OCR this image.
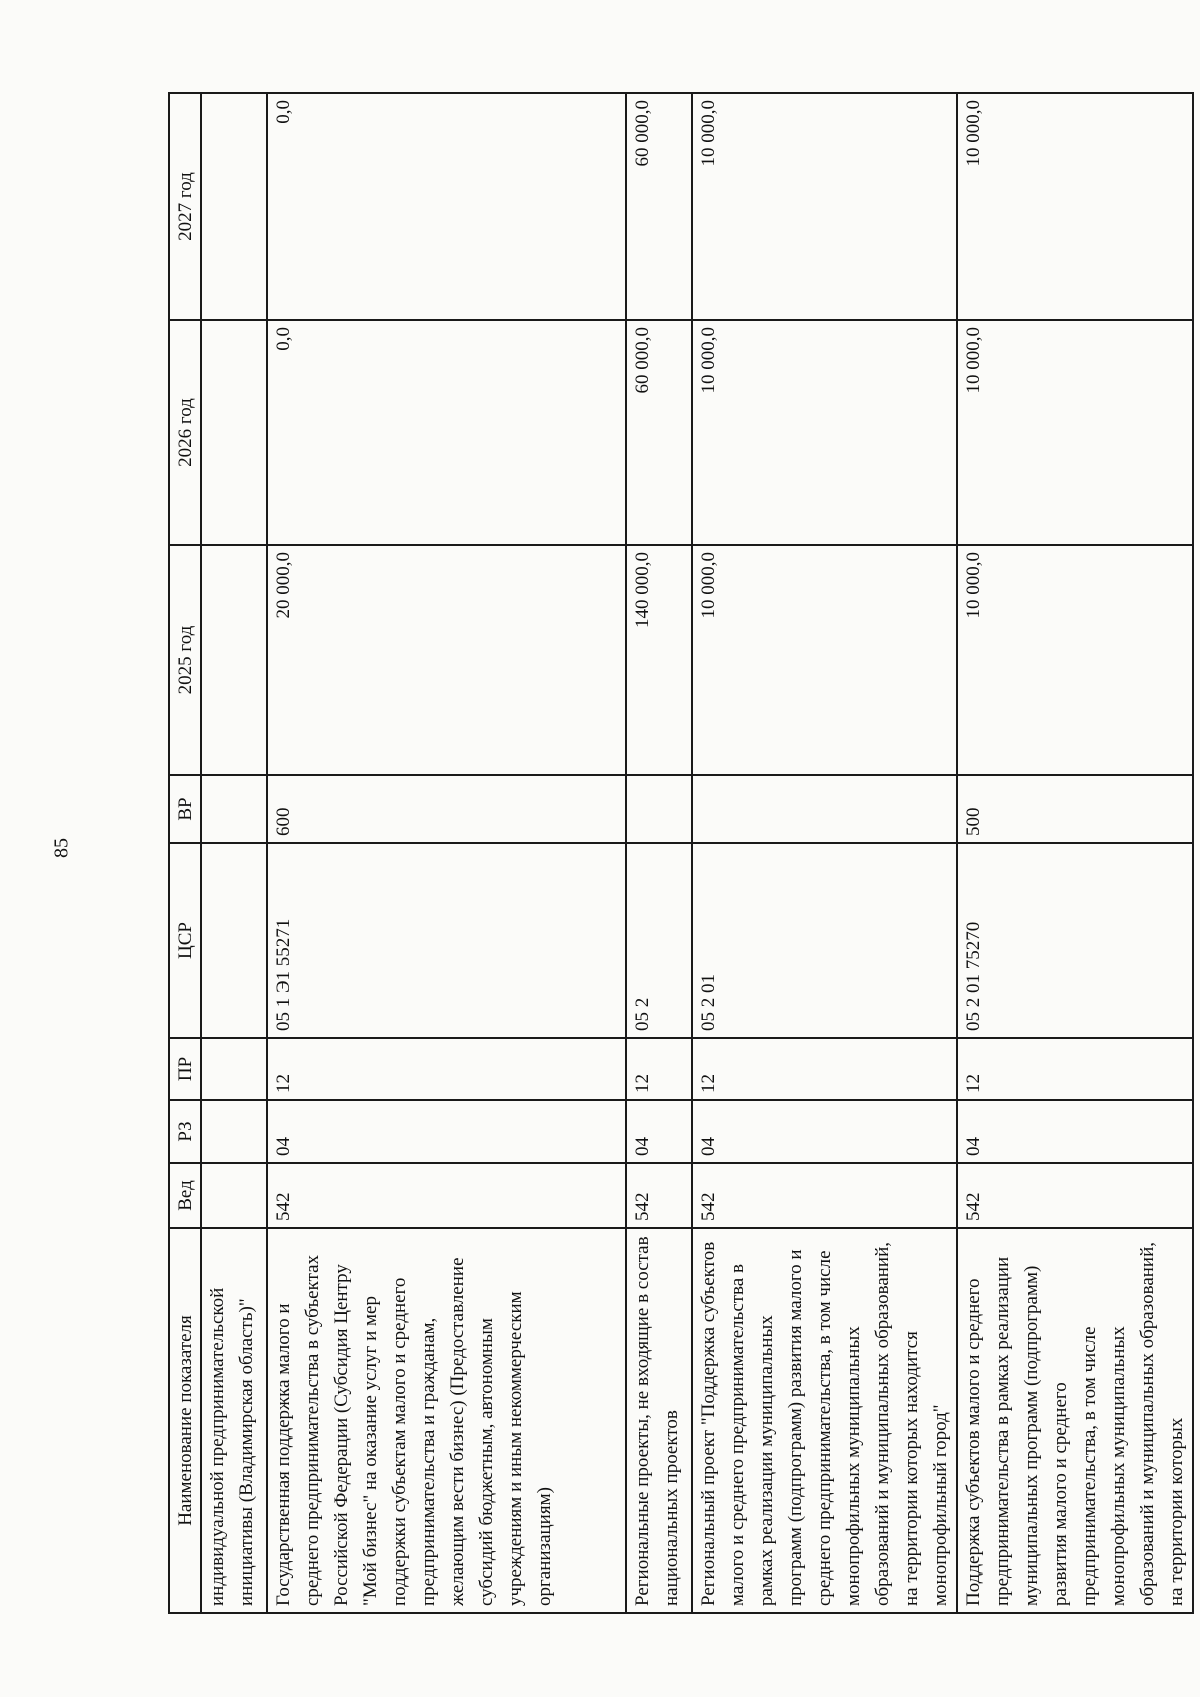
85
Наименование показателя	Вед	РЗ	ПР	ЦСР	ВР	2025 год	2026 год	2027 год
индивидуальной предпринимательской инициативы (Владимирская область)"								
Государственная поддержка малого и среднего предпринимательства в субъектах Российской Федерации (Субсидия Центру "Мой бизнес" на оказание услуг и мер поддержки субъектам малого и среднего предпринимательства и гражданам, желающим вести бизнес) (Предоставление субсидий бюджетным, автономным учреждениям и иным некоммерческим организациям)	542	04	12	05 1 Э1 55271	600	20 000,0	0,0	0,0
Региональные проекты, не входящие в состав национальных проектов	542	04	12	05 2		140 000,0	60 000,0	60 000,0
Региональный проект "Поддержка субъектов малого и среднего предпринимательства в рамках реализации муниципальных программ (подпрограмм) развития малого и среднего предпринимательства, в том числе монопрофильных муниципальных образований и муниципальных образований, на территории которых находится монопрофильный город"	542	04	12	05 2 01		10 000,0	10 000,0	10 000,0
Поддержка субъектов малого и среднего предпринимательства в рамках реализации муниципальных программ (подпрограмм) развития малого и среднего предпринимательства, в том числе монопрофильных муниципальных образований и муниципальных образований, на территории которых	542	04	12	05 2 01 75270	500	10 000,0	10 000,0	10 000,0
